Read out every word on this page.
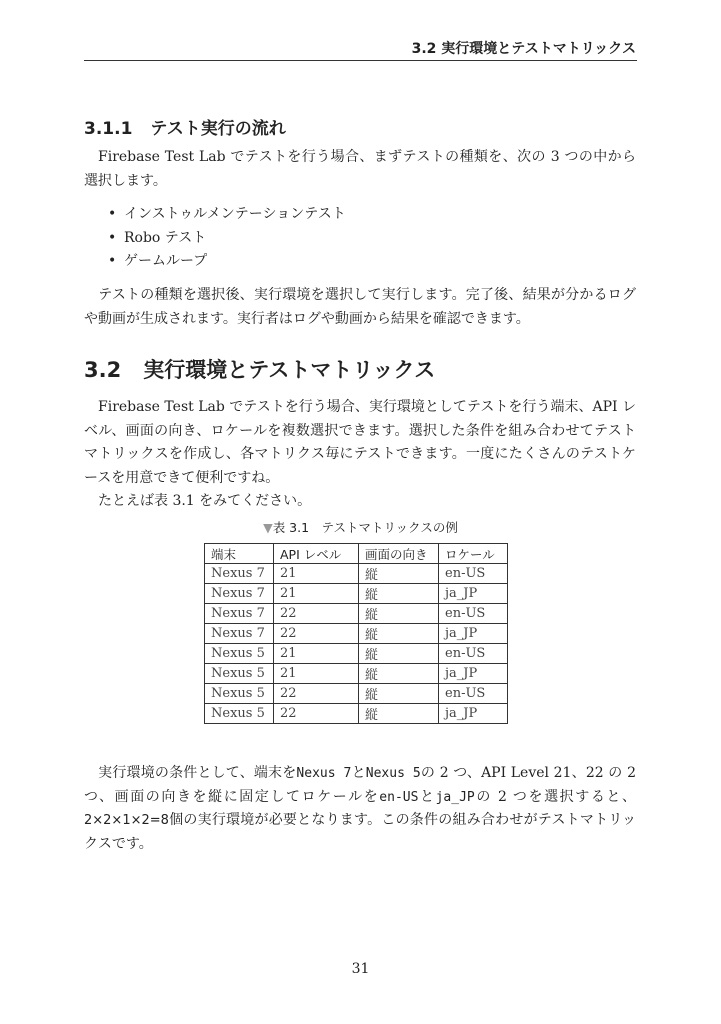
3.2 実行環境とテストマトリックス
3.1.1 テスト実行の流れ
Firebase Test Lab でテストを行う場合、まずテストの種類を、次の 3 つの中から選択します。
• インストゥルメンテーションテスト
• Robo テスト
• ゲームループ
テストの種類を選択後、実行環境を選択して実行します。完了後、結果が分かるログや動画が生成されます。実行者はログや動画から結果を確認できます。
3.2 実行環境とテストマトリックス
Firebase Test Lab でテストを行う場合、実行環境としてテストを行う端末、API レベル、画面の向き、ロケールを複数選択できます。選択した条件を組み合わせてテストマトリックスを作成し、各マトリクス毎にテストできます。一度にたくさんのテストケースを用意できて便利ですね。
たとえば表 3.1 をみてください。
▼表 3.1　テストマトリックスの例
端末	API レベル	画面の向き	ロケール
Nexus 7	21	縦	en-US
Nexus 7	21	縦	ja_JP
Nexus 7	22	縦	en-US
Nexus 7	22	縦	ja_JP
Nexus 5	21	縦	en-US
Nexus 5	21	縦	ja_JP
Nexus 5	22	縦	en-US
Nexus 5	22	縦	ja_JP
実行環境の条件として、端末をNexus 7とNexus 5の 2 つ、API Level 21、22 の 2 つ、画面の向きを縦に固定してロケールをen-USとja_JPの 2 つを選択すると、2×2×1×2=8個の実行環境が必要となります。この条件の組み合わせがテストマトリックスです。
31
